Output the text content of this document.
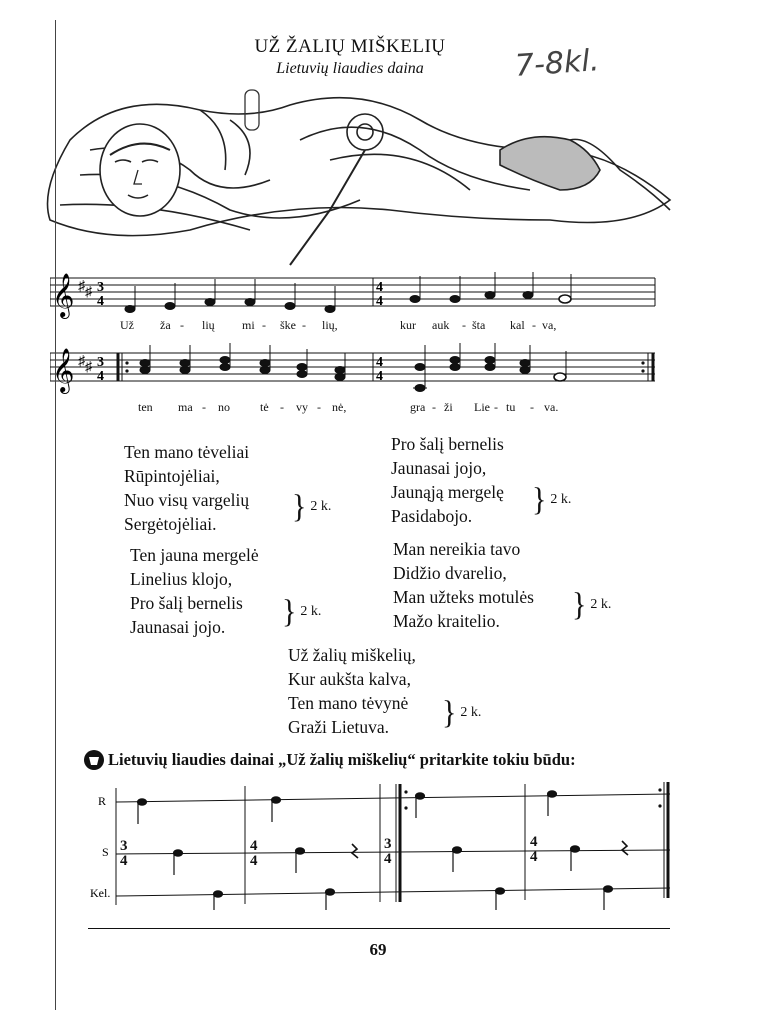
UŽ ŽALIŲ MIŠKELIŲ
Lietuvių liaudies daina	7-8kl.
𝄞 ♯ ♯ 3
4
4
4
Už ža - lių mi - ške - lių,	kur auk - šta kal - va,
𝄞 ♯ ♯ 3
4
4
4
ten ma - no	tė - vy - nė,	gra - ži Lie - tu - va.
Ten mano tėveliai
Rūpintojėliai,
Nuo visų vargelių
Sergėtojėliai.	} 2 k.
Pro šalį bernelis
Jaunasai jojo,
Jaunąją mergelę
Pasidabojo.	} 2 k.
Ten jauna mergelė
Linelius klojo,
Pro šalį bernelis
Jaunasai jojo.	} 2 k.
Man nereikia tavo
Didžio dvarelio,
Man užteks motulės
Mažo kraitelio.	} 2 k.
Už žalių miškelių,
Kur aukšta kalva,
Ten mano tėvynė
Graži Lietuva.	} 2 k.
Lietuvių liaudies dainai „Už žalių miškelių“ pritarkite tokiu būdu:
R
S
Kel.
3
4
4
4
3
4
4
4
69
